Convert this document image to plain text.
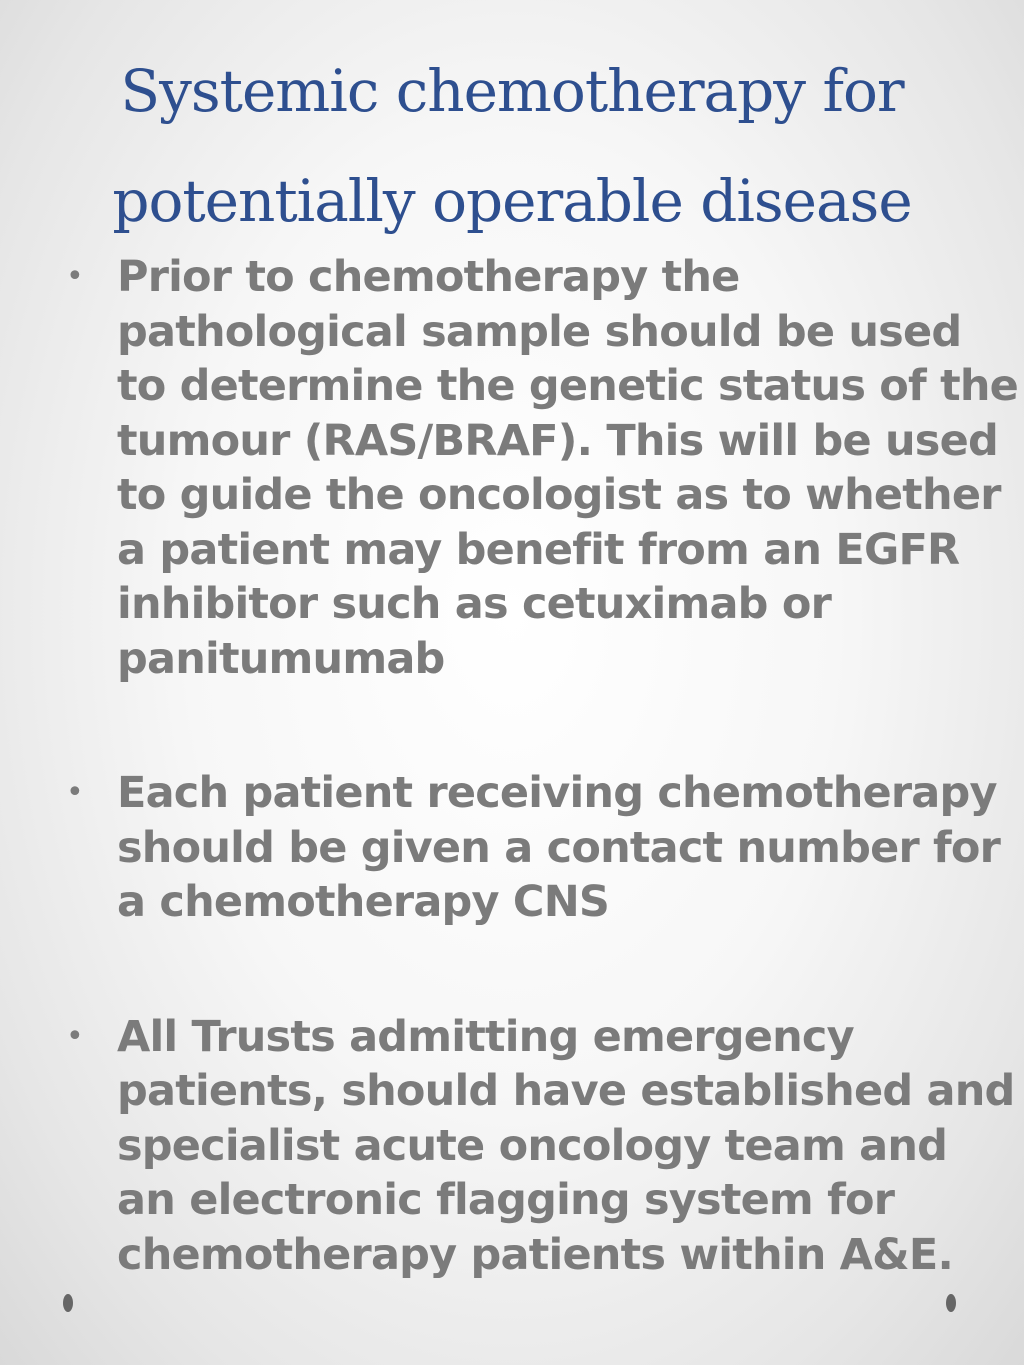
Systemic chemotherapy for
potentially operable disease
• Prior to chemotherapy the
pathological sample should be used
to determine the genetic status of the
tumour (RAS/BRAF). This will be used
to guide the oncologist as to whether
a patient may benefit from an EGFR
inhibitor such as cetuximab or
panitumumab
• Each patient receiving chemotherapy
should be given a contact number for
a chemotherapy CNS
• All Trusts admitting emergency
patients, should have established and
specialist acute oncology team and
an electronic flagging system for
chemotherapy patients within A&E.
